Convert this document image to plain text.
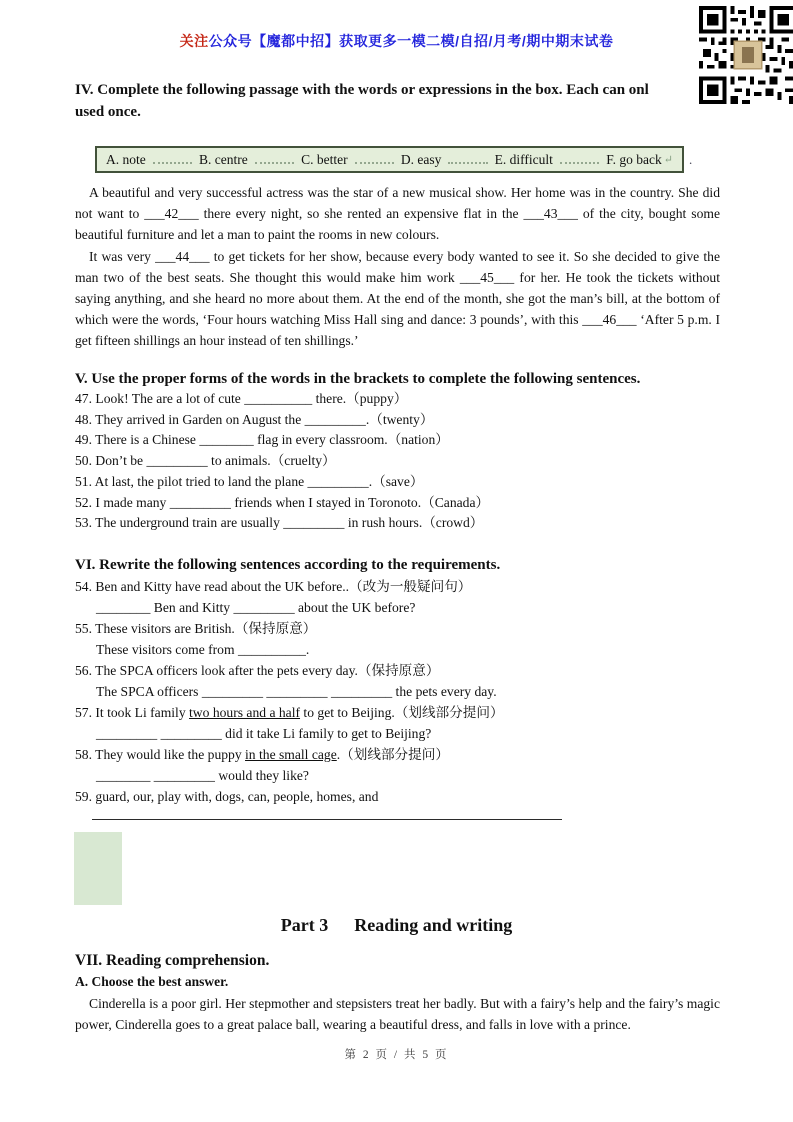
关注公众号【魔都中招】获取更多一模二模/自招/月考/期中期末试卷
IV. Complete the following passage with the words or expressions in the box. Each can onl
used once.
A. note	B. centre	C. better	D. easy	E. difficult	F. go back ↵ .

A beautiful and very successful actress was the star of a new musical show. Her home was in the country. She did not want to ___42___ there every night, so she rented an expensive flat in the ___43___ of the city, bought some beautiful furniture and let a man to paint the rooms in new colours.

It was very ___44___ to get tickets for her show, because every body wanted to see it. So she decided to give the man two of the best seats. She thought this would make him work ___45___ for her. He took the tickets without saying anything, and she heard no more about them. At the end of the month, she got the man’s bill, at the bottom of which were the words, ‘Four hours watching Miss Hall sing and dance: 3 pounds’, with this ___46___ ‘After 5 p.m. I get fifteen shillings an hour instead of ten shillings.’

V. Use the proper forms of the words in the brackets to complete the following sentences.
47. Look! The are a lot of cute __________ there.（puppy）
48. They arrived in Garden on August the _________.（twenty）
49. There is a Chinese ________ flag in every classroom.（nation）
50. Don’t be _________ to animals.（cruelty）
51. At last, the pilot tried to land the plane _________.（save）
52. I made many _________ friends when I stayed in Toronoto.（Canada）
53. The underground train are usually _________ in rush hours.（crowd）
VI. Rewrite the following sentences according to the requirements.
54. Ben and Kitty have read about the UK before..（改为一般疑问句）
________ Ben and Kitty _________ about the UK before?
55. These visitors are British.（保持原意）
These visitors come from __________.
56. The SPCA officers look after the pets every day.（保持原意）
The SPCA officers _________ _________ _________ the pets every day.
57. It took Li family two hours and a half to get to Beijing.（划线部分提问）
_________ _________ did it take Li family to get to Beijing?
58. They would like the puppy in the small cage.（划线部分提问）
________ _________ would they like?
59. guard, our, play with, dogs, can, people, homes, and
Part 3 Reading and writing
VII. Reading comprehension.
A. Choose the best answer.

Cinderella is a poor girl. Her stepmother and stepsisters treat her badly. But with a fairy’s help and the fairy’s magic power, Cinderella goes to a great palace ball, wearing a beautiful dress, and falls in love with a prince.

第 2 页 / 共 5 页
